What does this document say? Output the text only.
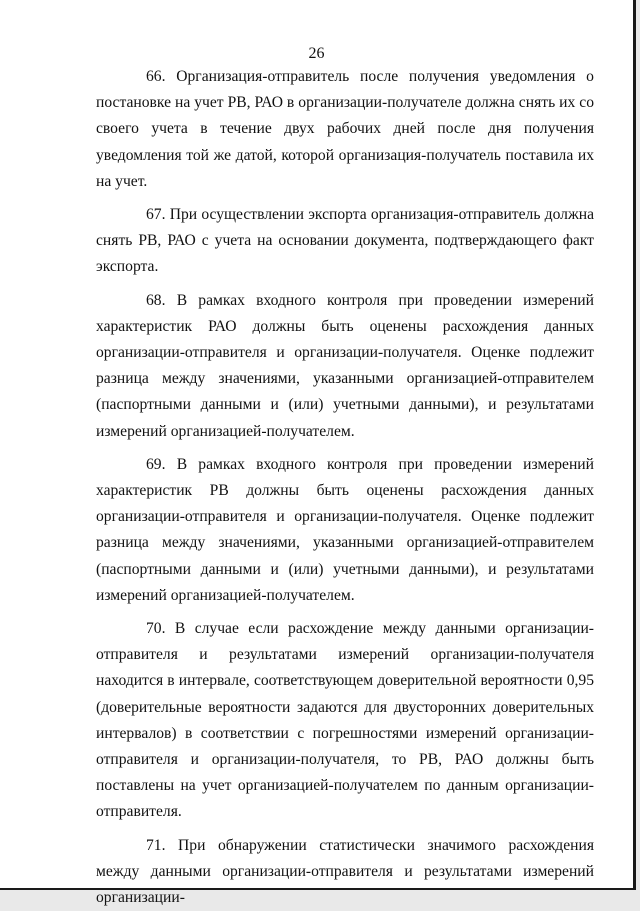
26

66. Организация-отправитель после получения уведомления о постановке на учет РВ, РАО в организации-получателе должна снять их со своего учета в течение двух рабочих дней после дня получения уведомления той же датой, которой организация-получатель поставила их на учет.

67. При осуществлении экспорта организация-отправитель должна снять РВ, РАО с учета на основании документа, подтверждающего факт экспорта.

68. В рамках входного контроля при проведении измерений характеристик РАО должны быть оценены расхождения данных организации-отправителя и организации-получателя. Оценке подлежит разница между значениями, указанными организацией-отправителем (паспортными данными и (или) учетными данными), и результатами измерений организацией-получателем.

69. В рамках входного контроля при проведении измерений характеристик РВ должны быть оценены расхождения данных организации-отправителя и организации-получателя. Оценке подлежит разница между значениями, указанными организацией-отправителем (паспортными данными и (или) учетными данными), и результатами измерений организацией-получателем.

70. В случае если расхождение между данными организации-отправителя и результатами измерений организации-получателя находится в интервале, соответствующем доверительной вероятности 0,95 (доверительные вероятности задаются для двусторонних доверительных интервалов) в соответствии с погрешностями измерений организации-отправителя и организации-получателя, то РВ, РАО должны быть поставлены на учет организацией-получателем по данным организации-отправителя.

71. При обнаружении статистически значимого расхождения между данными организации-отправителя и результатами измерений организации-
